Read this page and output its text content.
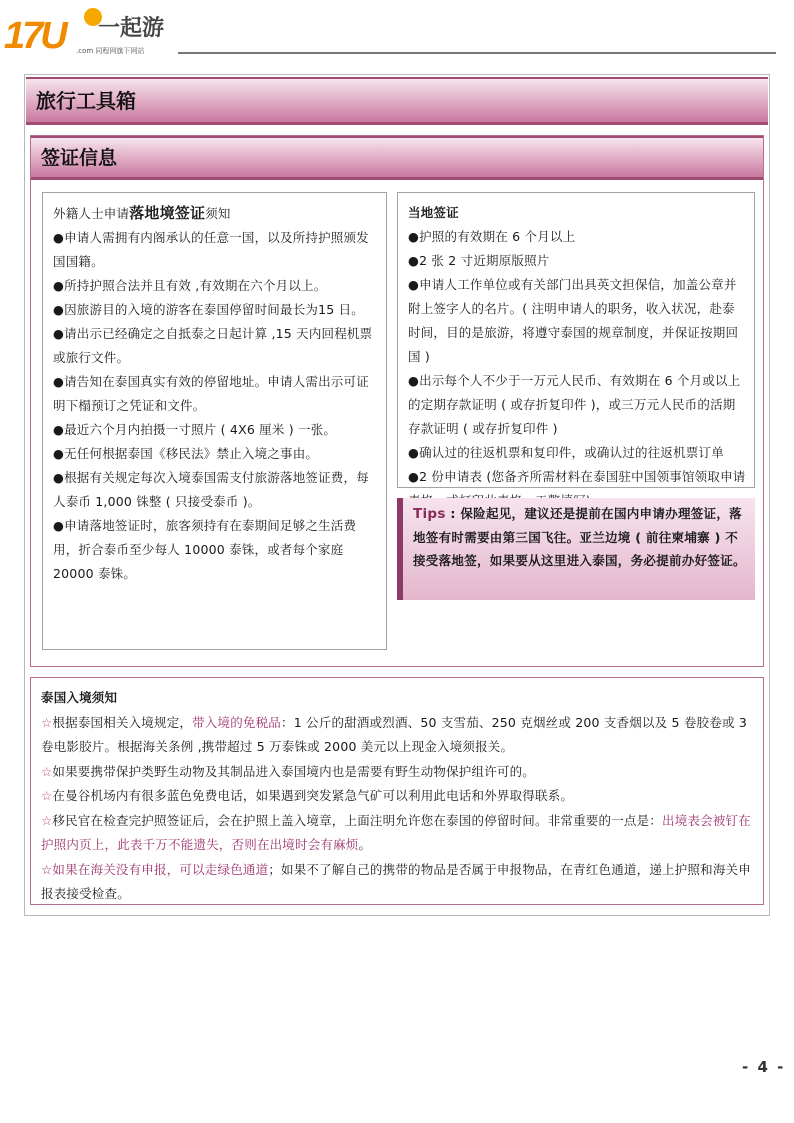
17U 一起游
.com 同程网旗下网站
旅行工具箱
签证信息

外籍人士申请落地境签证须知

●申请人需拥有内阁承认的任意一国，以及所持护照颁发国国籍。

●所持护照合法并且有效 ,有效期在六个月以上。

●因旅游目的入境的游客在泰国停留时间最长为15 日。

●请出示已经确定之自抵泰之日起计算 ,15 天内回程机票或旅行文件。

●请告知在泰国真实有效的停留地址。申请人需出示可证明下榻预订之凭证和文件。

●最近六个月内拍摄一寸照片 ( 4X6 厘米 ) 一张。

●无任何根据泰国《移民法》禁止入境之事由。

●根据有关规定每次入境泰国需支付旅游落地签证费，每人泰币 1,000 铢整 ( 只接受泰币 )。

●申请落地签证时，旅客须持有在泰期间足够之生活费用，折合泰币至少每人 10000 泰铢，或者每个家庭 20000 泰铢。

当地签证

●护照的有效期在 6 个月以上

●2 张 2 寸近期原版照片

●申请人工作单位或有关部门出具英文担保信，加盖公章并附上签字人的名片。( 注明申请人的职务，收入状况，赴泰时间，目的是旅游，将遵守泰国的规章制度，并保证按期回国 )

●出示每个人不少于一万元人民币、有效期在 6 个月或以上的定期存款证明 ( 或存折复印件 )，或三万元人民币的活期存款证明 ( 或存折复印件 )

●确认过的往返机票和复印件，或确认过的往返机票订单

●2 份申请表 (您备齐所需材料在泰国驻中国领事馆领取申请

Tips : 保险起见，建议还是提前在国内申请办理签证，落地签有时需要由第三国飞往。亚兰边境 ( 前往柬埔寨 ) 不接受落地签，如果要从这里进入泰国，务必提前办好签证。

泰国入境须知

☆根据泰国相关入境规定，带入境的免税品：1 公斤的甜酒或烈酒、50 支雪茄、250 克烟丝或 200 支香烟以及 5 卷胶卷或 3 卷电影胶片。根据海关条例 ,携带超过 5 万泰铢或 2000 美元以上现金入境须报关。

☆如果要携带保护类野生动物及其制品进入泰国境内也是需要有野生动物保护组许可的。

☆在曼谷机场内有很多蓝色免费电话，如果遇到突发紧急气矿可以利用此电话和外界取得联系。

☆移民官在检查完护照签证后，会在护照上盖入境章，上面注明允许您在泰国的停留时间。非常重要的一点是：出境表会被钉在护照内页上，此表千万不能遗失，否则在出境时会有麻烦。

☆如果在海关没有申报，可以走绿色通道；如果不了解自己的携带的物品是否属于申报物品，在青红色通道，递上护照和海关申报表接受检查。

- 4 -
